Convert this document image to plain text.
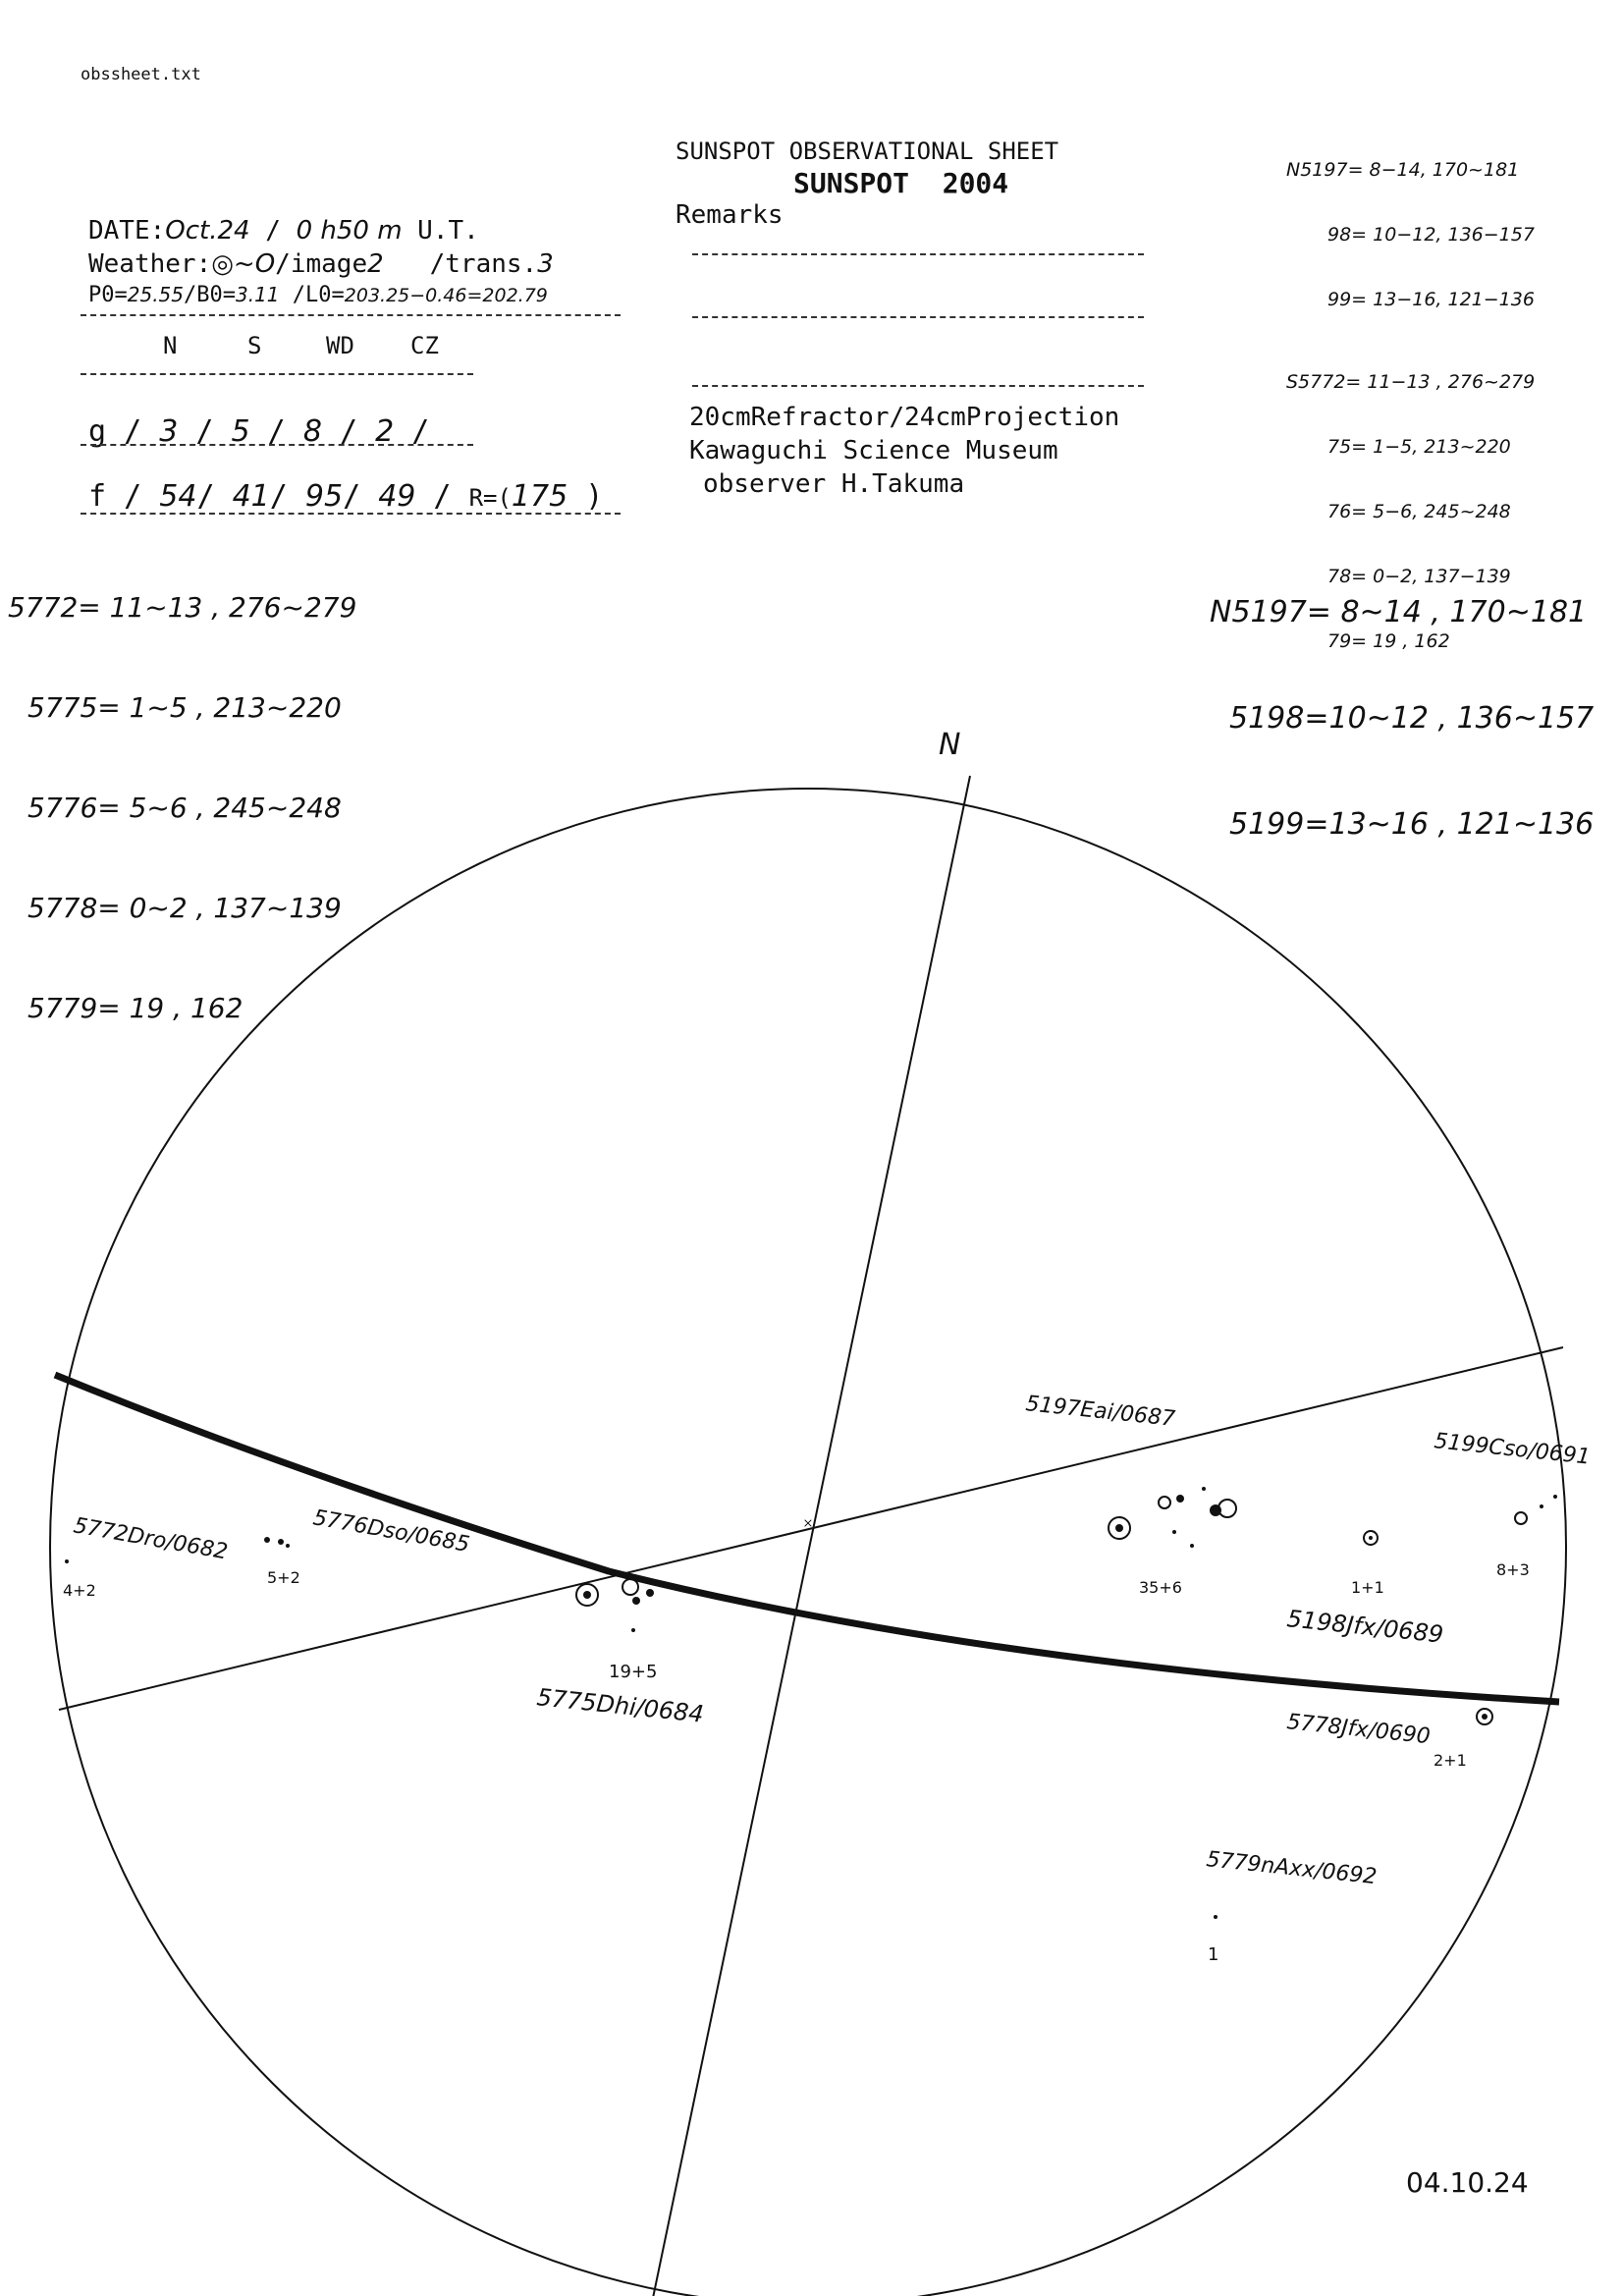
obssheet.txt
SUNSPOT OBSERVATIONAL SHEET
SUNSPOT  2004
Remarks

DATE:Oct.24 / 0 h50 m U.T.

Weather:◎~O/image2 /trans.3

P0=25.55/B0=3.11 /L0=203.25−0.46=202.79

N	S	WD CZ

g / 3 / 5 / 8 / 2 /

f / 54/ 41/ 95/ 49 / R=(175 )

20cmRefractor/24cmProjection
Kawaguchi Science Museum
observer H.Takuma

5772= 11~13 , 276~279

5775= 1~5 , 213~220

5776= 5~6 , 245~248

5778= 0~2 , 137~139

5779= 19 , 162

N5197= 8~14 , 170~181

5198=10~12 , 136~157

5199=13~16 , 121~136

N5197= 8−14, 170~181

98= 10−12, 136−157

99= 13−16, 121−136

S5772= 11−13 , 276~279

75= 1−5, 213~220

76= 5−6, 245~248

78= 0−2, 137−139

79= 19 , 162

N
×
5772Dro/0682
4+2
5776Dso/0685
5+2
5775Dhi/0684
19+5
5197Eai/0687
35+6
5198Jfx/0689
1+1
5199Cso/0691
8+3
5778Jfx/0690
2+1
5779nAxx/0692
1
04.10.24
